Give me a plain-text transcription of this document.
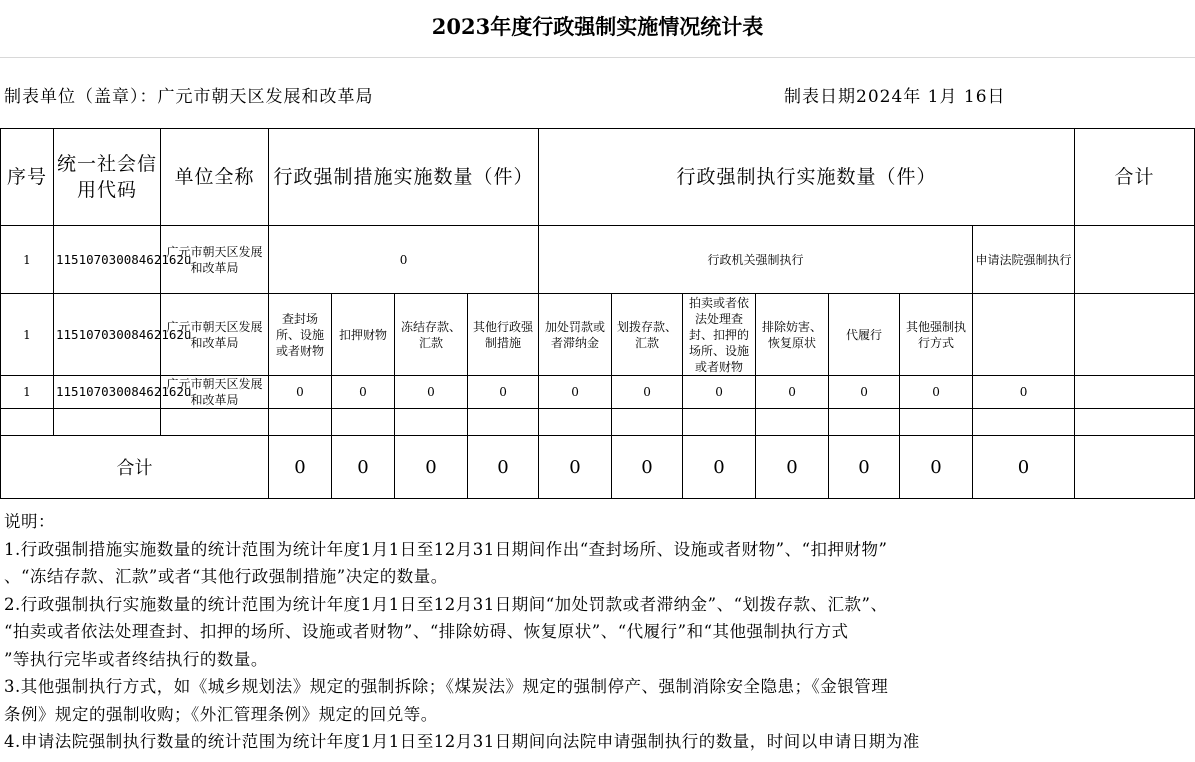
2023年度行政强制实施情况统计表
制表单位（盖章）：广元市朝天区发展和改革局	制表日期2024年 1月 16日
序号	统一社会信用代码	单位全称	行政强制措施实施数量（件）				行政强制执行实施数量（件）							合计
1	11510703008462162u	广元市朝天区发展和改革局	0				行政机关强制执行						申请法院强制执行	
1	11510703008462162u	广元市朝天区发展和改革局	查封场所、设施或者财物	扣押财物	冻结存款、汇款	其他行政强制措施	加处罚款或者滞纳金	划拨存款、汇款	拍卖或者依法处理查封、扣押的场所、设施或者财物	排除妨害、恢复原状	代履行	其他强制执行方式		
1	11510703008462162u	广元市朝天区发展和改革局	0	0	0	0	0	0	0	0	0	0	0	

合计			0	0	0	0	0	0	0	0	0	0	0	
说明：
1.行政强制措施实施数量的统计范围为统计年度1月1日至12月31日期间作出“查封场所、设施或者财物”、“扣押财物”
、“冻结存款、汇款”或者“其他行政强制措施”决定的数量。
2.行政强制执行实施数量的统计范围为统计年度1月1日至12月31日期间“加处罚款或者滞纳金”、“划拨存款、汇款”、
“拍卖或者依法处理查封、扣押的场所、设施或者财物”、“排除妨碍、恢复原状”、“代履行”和“其他强制执行方式
”等执行完毕或者终结执行的数量。
3.其他强制执行方式，如《城乡规划法》规定的强制拆除；《煤炭法》规定的强制停产、强制消除安全隐患；《金银管理
条例》规定的强制收购；《外汇管理条例》规定的回兑等。
4.申请法院强制执行数量的统计范围为统计年度1月1日至12月31日期间向法院申请强制执行的数量，时间以申请日期为准
